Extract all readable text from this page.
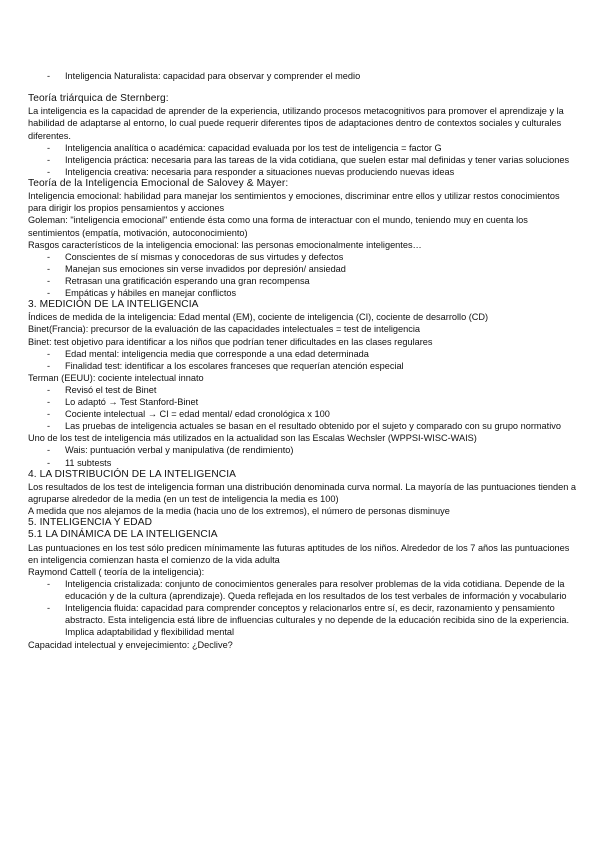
- Inteligencia Naturalista: capacidad para observar y comprender el medio

Teoría triárquica de Sternberg:

La inteligencia es la capacidad de aprender de la experiencia, utilizando procesos metacognitivos para promover el aprendizaje y la habilidad de adaptarse al entorno, lo cual puede requerir diferentes tipos de adaptaciones dentro de contextos sociales y culturales diferentes.

- Inteligencia analítica o académica: capacidad evaluada por los test de inteligencia = factor G
- Inteligencia práctica: necesaria para las tareas de la vida cotidiana, que suelen estar mal definidas y tener varias soluciones
- Inteligencia creativa: necesaria para responder a situaciones nuevas produciendo nuevas ideas

Teoría de la Inteligencia Emocional de Salovey & Mayer:

Inteligencia emocional: habilidad para manejar los sentimientos y emociones, discriminar entre ellos y utilizar restos conocimientos para dirigir los propios pensamientos y acciones

Goleman: "inteligencia emocional" entiende ésta como una forma de interactuar con el mundo, teniendo muy en cuenta los sentimientos (empatía, motivación, autoconocimiento)

Rasgos característicos de la inteligencia emocional: las personas emocionalmente inteligentes…

- Conscientes de sí mismas y conocedoras de sus virtudes y defectos
- Manejan sus emociones sin verse invadidos por depresión/ ansiedad
- Retrasan una gratificación esperando una gran recompensa
- Empáticas y hábiles en manejar conflictos

3. MEDICIÓN DE LA INTELIGENCIA

Índices de medida de la inteligencia: Edad mental (EM), cociente de inteligencia (CI), cociente de desarrollo (CD)

Binet(Francia): precursor de la evaluación de las capacidades intelectuales = test de inteligencia

Binet: test objetivo para identificar a los niños que podrían tener dificultades en las clases regulares

- Edad mental: inteligencia media que corresponde a una edad determinada
- Finalidad test: identificar a los escolares franceses que requerían atención especial

Terman (EEUU): cociente intelectual innato

- Revisó el test de Binet
- Lo adaptó → Test Stanford-Binet
- Cociente intelectual → CI = edad mental/ edad cronológica x 100
- Las pruebas de inteligencia actuales se basan en el resultado obtenido por el sujeto y comparado con su grupo normativo

Uno de los test de inteligencia más utilizados en la actualidad son las Escalas Wechsler (WPPSI-WISC-WAIS)

- Wais: puntuación verbal y manipulativa (de rendimiento)
- 11 subtests

4. LA DISTRIBUCIÓN DE LA INTELIGENCIA

Los resultados de los test de inteligencia forman una distribución denominada curva normal. La mayoría de las puntuaciones tienden a agruparse alrededor de la media (en un test de inteligencia la media es 100)

A medida que nos alejamos de la media (hacia uno de los extremos), el número de personas disminuye

5. INTELIGENCIA Y EDAD

5.1 LA DINÁMICA DE LA INTELIGENCIA

Las puntuaciones en los test sólo predicen mínimamente las futuras aptitudes de los niños. Alrededor de los 7 años las puntuaciones en inteligencia comienzan hasta el comienzo de la vida adulta

Raymond Cattell ( teoría de la inteligencia):

- Inteligencia cristalizada: conjunto de conocimientos generales para resolver problemas de la vida cotidiana. Depende de la educación y de la cultura (aprendizaje). Queda reflejada en los resultados de los test verbales de información y vocabulario
- Inteligencia fluida: capacidad para comprender conceptos y relacionarlos entre sí, es decir, razonamiento y pensamiento abstracto. Esta inteligencia está libre de influencias culturales y no depende de la educación recibida sino de la experiencia. Implica adaptabilidad y flexibilidad mental

Capacidad intelectual y envejecimiento: ¿Declive?
